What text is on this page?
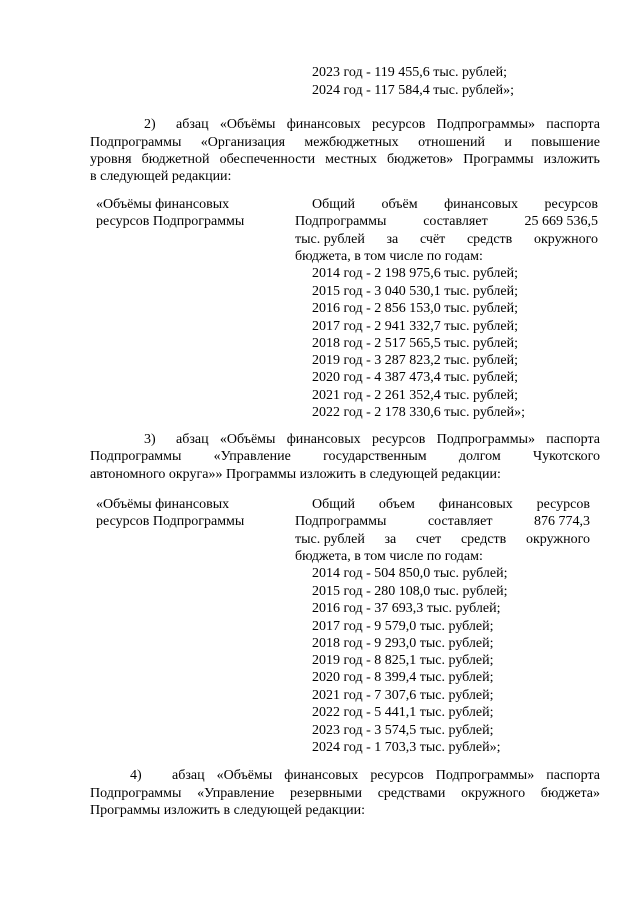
2023 год - 119 455,6 тыс. рублей;
2024 год - 117 584,4 тыс. рублей»;
2) абзац «Объёмы финансовых ресурсов Подпрограммы» паспорта
Подпрограммы «Организация межбюджетных отношений и повышение
уровня бюджетной обеспеченности местных бюджетов» Программы изложить
в следующей редакции:
«Объёмы финансовых
ресурсов Подпрограммы
Общий объём финансовых ресурсов
Подпрограммы	составляет	25 669 536,5
тыс. рублей за счёт средств окружного
бюджета, в том числе по годам:
2014 год - 2 198 975,6 тыс. рублей;
2015 год - 3 040 530,1 тыс. рублей;
2016 год - 2 856 153,0 тыс. рублей;
2017 год - 2 941 332,7 тыс. рублей;
2018 год - 2 517 565,5 тыс. рублей;
2019 год - 3 287 823,2 тыс. рублей;
2020 год - 4 387 473,4 тыс. рублей;
2021 год - 2 261 352,4 тыс. рублей;
2022 год - 2 178 330,6 тыс. рублей»;
3) абзац «Объёмы финансовых ресурсов Подпрограммы» паспорта
Подпрограммы «Управление государственным долгом Чукотского
автономного округа»» Программы изложить в следующей редакции:
«Объёмы финансовых
ресурсов Подпрограммы
Общий объем финансовых ресурсов
Подпрограммы	составляет	876 774,3
тыс. рублей за счет средств окружного
бюджета, в том числе по годам:
2014 год - 504 850,0 тыс. рублей;
2015 год - 280 108,0 тыс. рублей;
2016 год - 37 693,3 тыс. рублей;
2017 год - 9 579,0 тыс. рублей;
2018 год - 9 293,0 тыс. рублей;
2019 год - 8 825,1 тыс. рублей;
2020 год - 8 399,4 тыс. рублей;
2021 год - 7 307,6 тыс. рублей;
2022 год - 5 441,1 тыс. рублей;
2023 год - 3 574,5 тыс. рублей;
2024 год - 1 703,3 тыс. рублей»;
4) абзац «Объёмы финансовых ресурсов Подпрограммы» паспорта
Подпрограммы «Управление резервными средствами окружного бюджета»
Программы изложить в следующей редакции:
